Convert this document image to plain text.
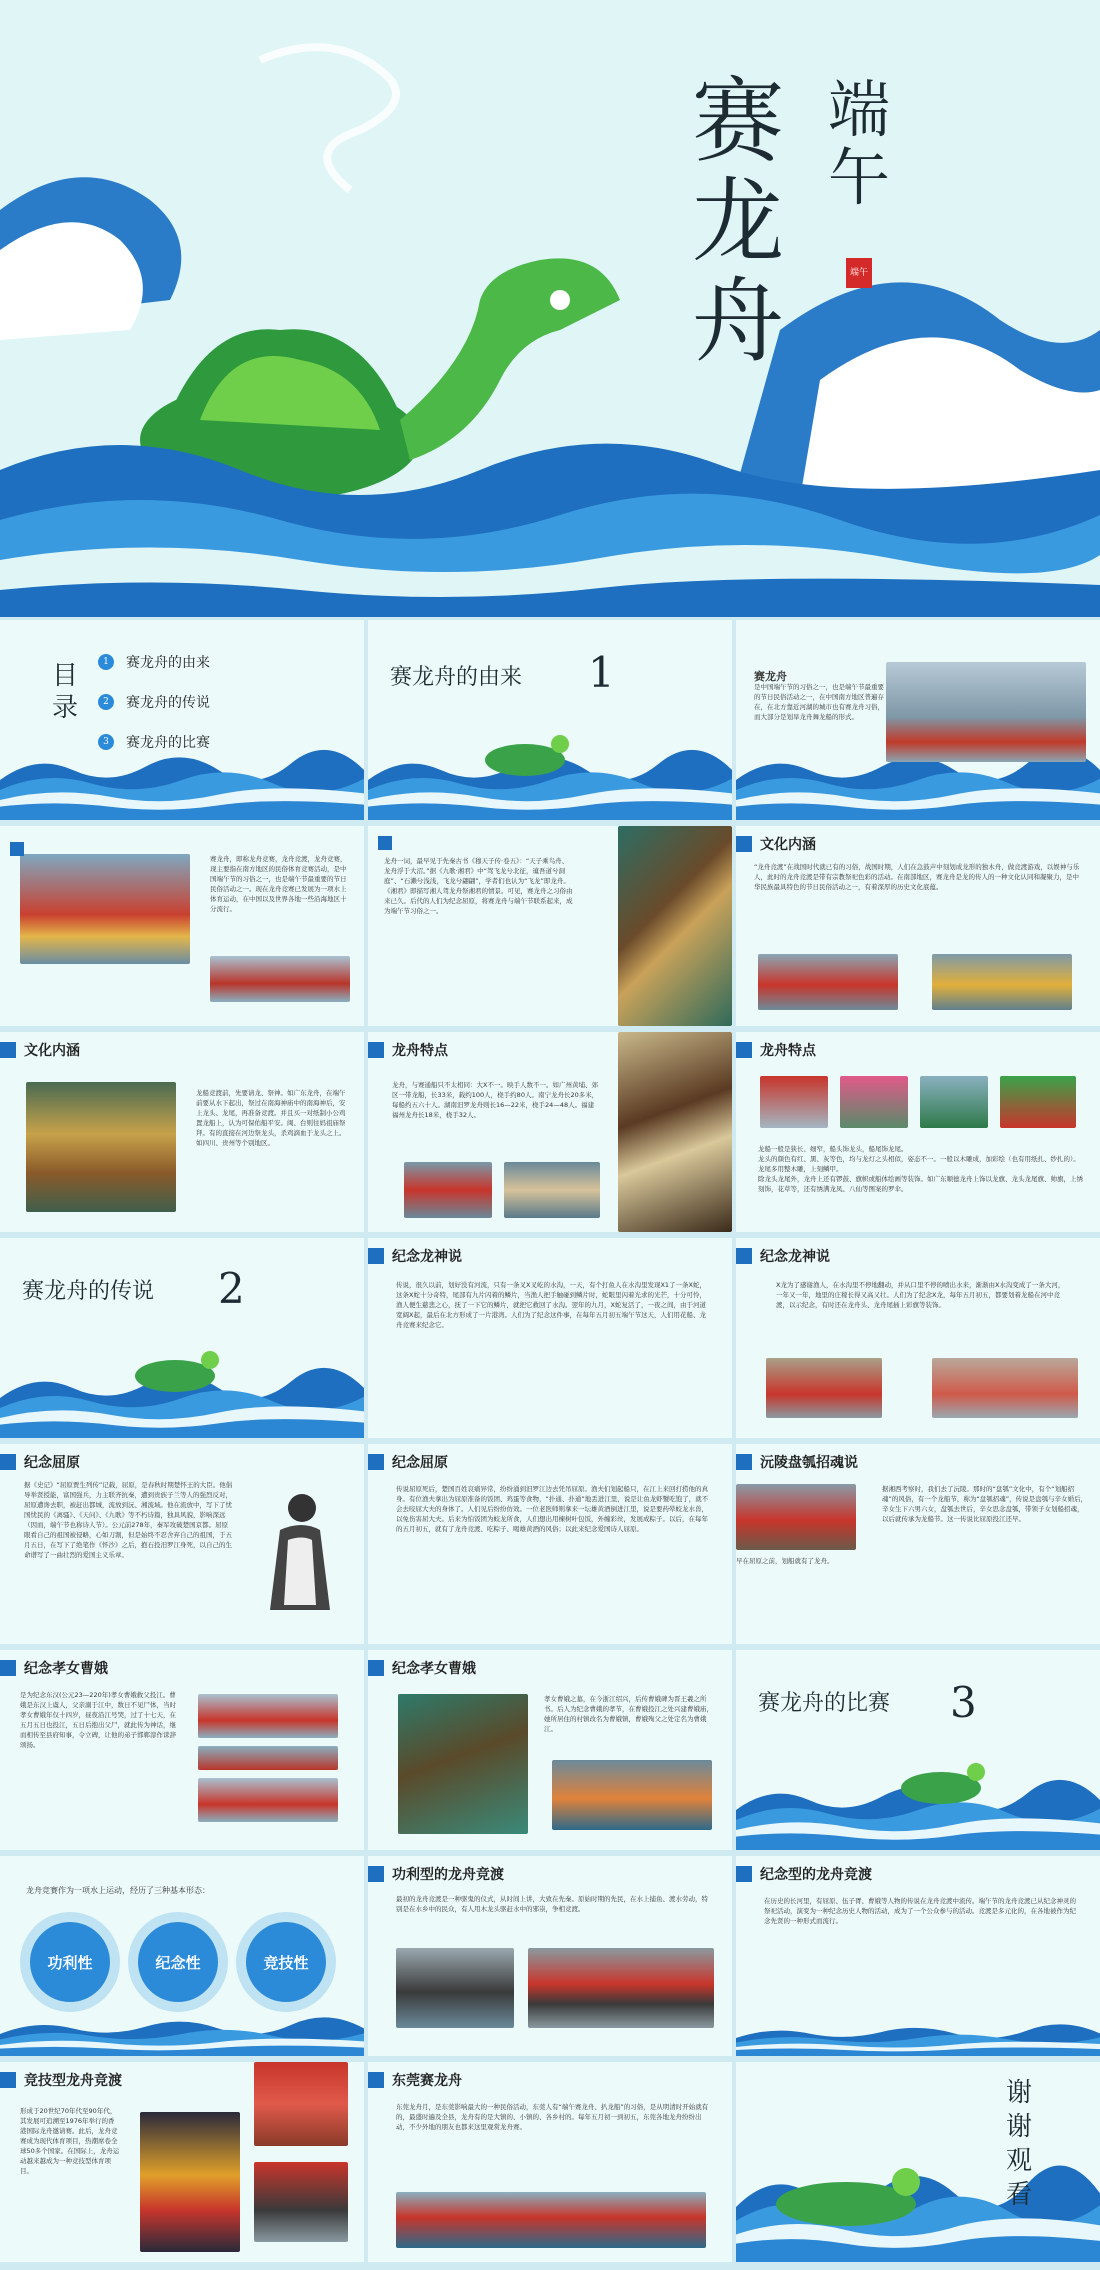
赛龙舟
端午
端午
目录
1	赛龙舟的由来
2	赛龙舟的传说
3	赛龙舟的比赛
赛龙舟的由来 1	赛龙舟
是中国端午节的习俗之一，也是端午节最重要的节日民俗活动之一，在中国南方地区普遍存在，在北方靠近河湖的城市也有赛龙舟习俗，而大部分是划旱龙舟舞龙船的形式。
赛龙舟，即称龙舟竞赛，龙舟竞渡，龙舟竞赛，现主要指在南方地区的民俗体育竞赛活动，是中国端午节的习俗之一，也是端午节最重要的节日民俗活动之一。现在龙舟竞赛已发展为一项水上体育运动，在中国以及世界各地一些沿海地区十分流行。
龙舟一词，最早见于先秦古书《穆天子传·卷五》：“天子乘鸟舟、龙舟浮于大沼。”据《九歌·湘君》中“驾飞龙兮北征，邅吾道兮洞庭”、“石濑兮浅浅，飞龙兮翩翩”，学者们也认为“飞龙”即龙舟。《湘君》即描写湘人驾龙舟祭湘君的情景。可见，赛龙舟之习俗由来已久。后代的人们为纪念屈原，将赛龙舟与端午节联系起来，成为端午节习俗之一。
文化内涵
“龙舟竞渡”在战国时代就已有的习俗，战国时期，人们在急鼓声中刻划成龙形的独木舟，做竞渡游戏，以娱神与乐人，此时的龙舟竞渡是带有宗教祭祀色彩的活动。在南部地区，赛龙舟是龙的传人的一种文化认同和凝聚力，是中华民族最具特色的节日民俗活动之一，有着深厚的历史文化底蕴。
文化内涵
龙船竞渡前，先要请龙、祭神。如广东龙舟，在端午前要从水下起出，祭过在南海神庙中的南海神后，安上龙头、龙尾，再准备竞渡。并且买一对纸制小公鸡置龙船上，认为可保佑船平安。闽、台则往妈祖庙祭拜。有的直接在河边祭龙头，杀鸡滴血于龙头之上。如四川、贵州等个别地区。
龙舟特点
龙舟，与赛通船只不太相同：大X不一。映手人数不一。如广州黄埔、郊区一带龙船，长33米，载约100人，桡手约80人。南宁龙舟长20多米，每船约五六十人。湖南汨罗龙舟则长16—22米，桡手24—48人。福建福州龙舟长18米，桡手32人。
龙舟特点
龙船一般是狭长、细窄，船头饰龙头，船尾饰龙尾。
龙头的颜色有红、黑、灰等色，均与龙灯之头相似，姿态不一。一般以木雕成，加彩绘（也有用纸扎、纱扎的）。龙尾多用整木雕，上刻鳞甲。
除龙头龙尾外，龙舟上还有锣鼓、旗帜或船体绘画等装饰。如广东顺德龙舟上饰以龙旗、龙头龙尾旗、帅旗，上绣刻饰，花草等，还有绣满龙凤、八仙等图案的罗伞。
赛龙舟的传说 2
纪念龙神说
传说，很久以前，划好没有河流，只有一条叉X叉屹的水沟，一天，有个打鱼人在水沟里发现X1了一条X蛇，这条X蛇十分奇特，尾部有九片闪着的鳞片，当渔人把手触碰到鳞片时，蛇眼里闪着光求的光芒，十分可怜，渔人便生慈悲之心，抚了一下它的鳞片，就把它救回了水沟。翌年的九月，X蛇复活了，一夜之间，由于河道宽阔X起，最后在北方形成了一片港湾。人们为了纪念这件事，在每年五月初五端午节这天，人们用花船、龙舟竞赛来纪念它。
纪念龙神说
X龙为了感谢渔人，在水沟里不停地翻动，并从口里不停的喷出水来，渐渐由X水沟变成了一条大河，一年又一年，地里的庄稼长得又高又壮。人们为了纪念X龙，每年五月初五，都要划着龙船在河中竞渡，以示纪念，有时还在龙舟头、龙舟尾插上彩旗等装饰。
纪念屈原
据《史记》“屈原贾生列传”记载，屈原，是春秋时期楚怀王的大臣。他倡导举贤授能，富国强兵，力主联齐抗秦，遭到贵族子兰等人的强烈反对，屈原遭谗去职，被赶出都城，流放到沅、湘流域。他在流放中，写下了忧国忧民的《离骚》、《天问》、《九歌》等不朽诗篇，独具风貌，影响深远（因而，端午节也称诗人节）。公元前278年，秦军攻破楚国京都。屈原眼看自己的祖国被侵略，心如刀割，但是始终不忍舍弃自己的祖国，于五月五日，在写下了绝笔作《怀沙》之后，抱石投汨罗江身死，以自己的生命谱写了一曲壮烈的爱国主义乐章。
纪念屈原
传说屈原死后，楚国百姓哀痛异常，纷纷涌到汨罗江边去凭吊屈原。渔夫们划起船只，在江上来回打捞他的真身。有位渔夫拿出为屈原准备的饭团、鸡蛋等食物，“扑通、扑通”地丢进江里，说是让鱼龙虾蟹吃饱了，就不会去咬屈大夫的身体了。人们见后纷纷仿效。一位老医师则拿来一坛雄黄酒倒进江里，说是要药晕蛟龙水兽，以免伤害屈大夫。后来为怕饭团为蛟龙所食，人们想出用楝树叶包饭，外缠彩丝，发展成粽子。以后，在每年的五月初五，就有了龙舟竞渡、吃粽子、喝雄黄酒的风俗；以此来纪念爱国诗人屈原。
沅陵盘瓠招魂说
早在屈原之前，划船就有了龙舟。
据湘西考察时，我们去了沅陵。那时的“盘瓠”文化中，有个“划船招魂”的风俗，有一个龙船节，称为“盘瓠招魂”，传说是盘瓠与辛女婚后，辛女生下六男六女，盘瓠去世后，辛女思念盘瓠，带领子女划船招魂，以后就传承为龙船节。这一传说比屈原投江还早。
纪念孝女曹娥
是为纪念东汉(公元23—220年)孝女曹娥救父投江。曹娥是东汉上虞人，父亲溺于江中，数日不见尸体，当时孝女曹娥年仅十四岁，昼夜沿江号哭，过了十七天，在五月五日也投江，五日后抱出父尸，就此传为神话，继而相传至县府知事，令立碑，让他的弟子邯郸淳作诔辞颂扬。
纪念孝女曹娥
孝女曹娥之墓，在今浙江绍兴，后传曹娥碑为晋王羲之所书。后人为纪念曹娥的孝节，在曹娥投江之处兴建曹娥庙，她所居住的村镇改名为曹娥镇，曹娥殉父之处定名为曹娥江。
赛龙舟的比赛 3
龙舟竞赛作为一项水上运动，经历了三种基本形态：
功利性	纪念性	竞技性
功利型的龙舟竞渡
最初的龙舟竞渡是一种驱鬼的仪式，从时间上讲，大致在先秦。原始时期的先民，在水上捕鱼、渡水劳动，特别是在水乡中的民众，有人用木龙头驱赶水中的邪祟，争相竞渡。
纪念型的龙舟竞渡
在历史的长河里，有屈原、伍子胥、曹娥等人物的传说在龙舟竞渡中流传。端午节的龙舟竞渡已从纪念神灵的祭祀活动，演变为一种纪念历史人物的活动，成为了一个公众参与的活动。竞渡是多元化的，在各地被作为纪念先贤的一种形式而流行。
竞技型龙舟竞渡
形成于20世纪70年代至90年代，其发展可追溯至1976年举行的香港国际龙舟邀请赛。此后，龙舟竞赛成为现代体育项目，热潮席卷全球50多个国家。在国际上，龙舟运动越来越成为一种竞技型体育项目。
东莞赛龙舟
东莞龙舟月，是东莞影响最大的一种民俗活动，东莞人有“端午赛龙舟、扒龙船”的习俗，是从明清时开始就有的，最盛时遍及全县，龙舟有的是大镇的、小镇的、各乡村的。每年五月初一到初五，东莞各地龙舟纷纷出动，不少外地的朋友也都来这里观赏龙舟赛。
谢谢观看
